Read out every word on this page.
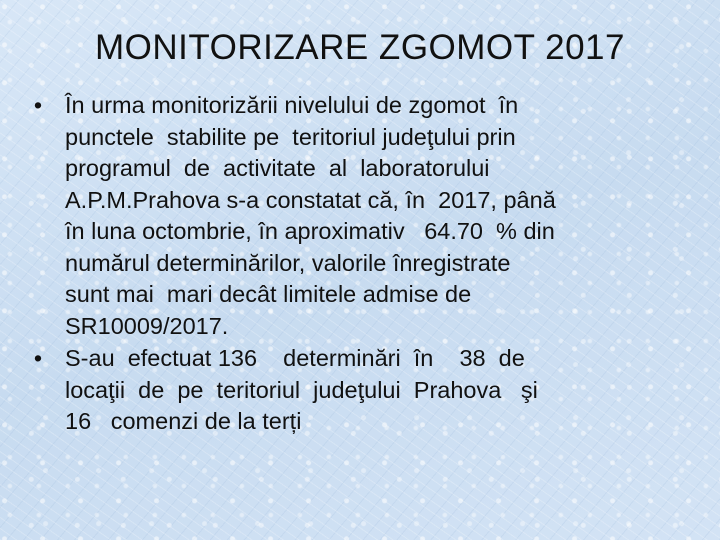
MONITORIZARE ZGOMOT 2017
• În urma monitorizării nivelului de zgomot  în
punctele  stabilite pe  teritoriul judeţului prin
programul  de  activitate  al  laboratorului
A.P.M.Prahova s-a constatat că, în  2017, până
în luna octombrie, în aproximativ   64.70  % din
numărul determinărilor, valorile înregistrate
sunt mai  mari decât limitele admise de
SR10009/2017.
• S-au  efectuat 136    determinări  în    38  de
locaţii  de  pe  teritoriul  judeţului  Prahova   şi
16   comenzi de la terți
